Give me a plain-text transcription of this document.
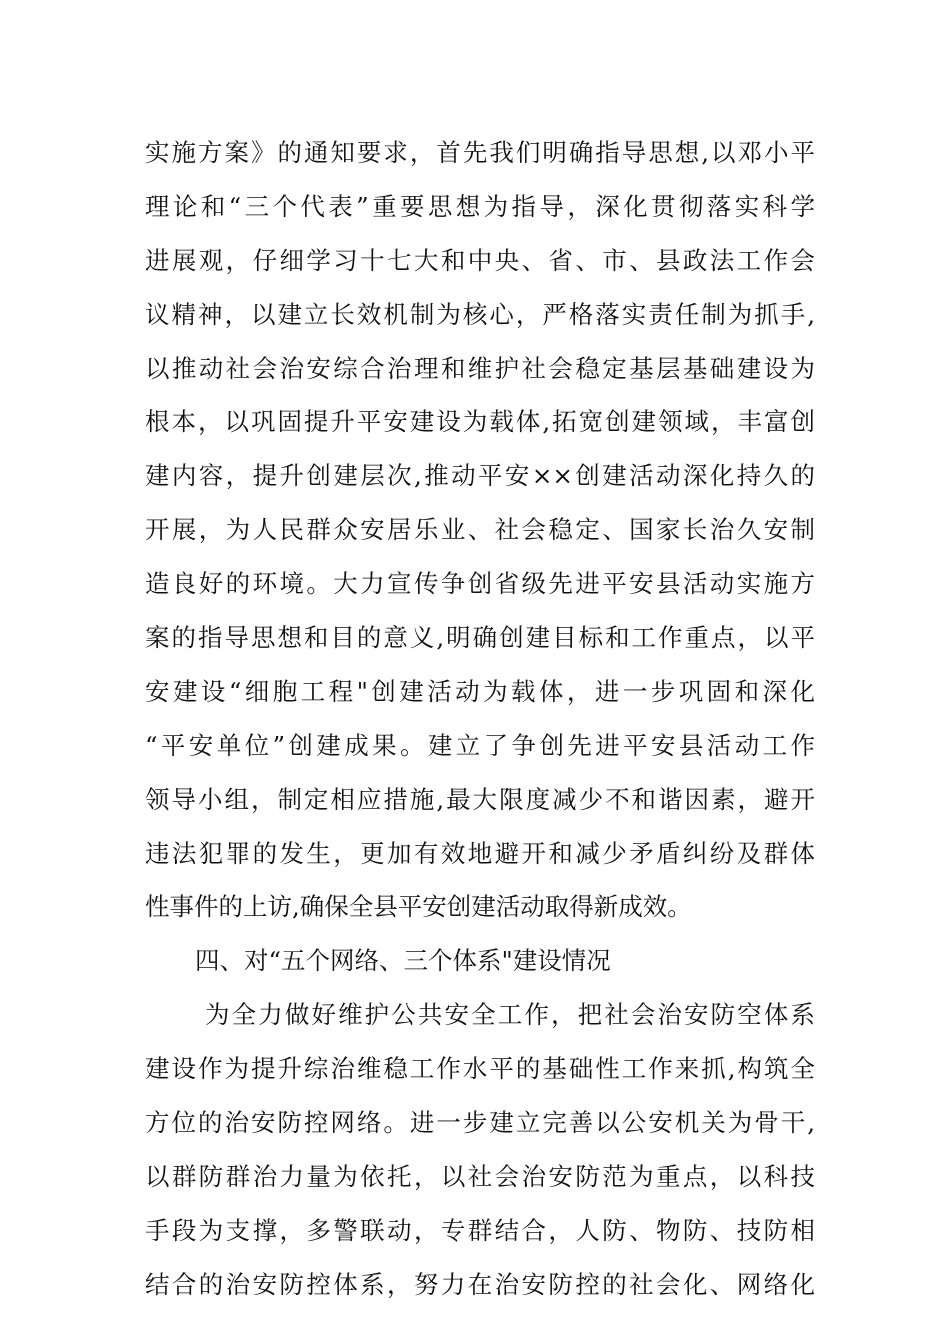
实施方案》的通知要求，首先我们明确指导思想,以邓小平
理论和“三个代表”重要思想为指导，深化贯彻落实科学
进展观，仔细学习十七大和中央、省、市、县政法工作会
议精神，以建立长效机制为核心，严格落实责任制为抓手,
以推动社会治安综合治理和维护社会稳定基层基础建设为
根本，以巩固提升平安建设为载体,拓宽创建领域，丰富创
建内容，提升创建层次,推动平安××创建活动深化持久的
开展，为人民群众安居乐业、社会稳定、国家长治久安制
造良好的环境。大力宣传争创省级先进平安县活动实施方
案的指导思想和目的意义,明确创建目标和工作重点，以平
安建设“细胞工程"创建活动为载体，进一步巩固和深化
“平安单位”创建成果。建立了争创先进平安县活动工作
领导小组，制定相应措施,最大限度减少不和谐因素，避开
违法犯罪的发生，更加有效地避开和减少矛盾纠纷及群体
性事件的上访,确保全县平安创建活动取得新成效。
四、对“五个网络、三个体系"建设情况
为全力做好维护公共安全工作，把社会治安防空体系
建设作为提升综治维稳工作水平的基础性工作来抓,构筑全
方位的治安防控网络。进一步建立完善以公安机关为骨干,
以群防群治力量为依托，以社会治安防范为重点，以科技
手段为支撑，多警联动，专群结合，人防、物防、技防相
结合的治安防控体系，努力在治安防控的社会化、网络化
